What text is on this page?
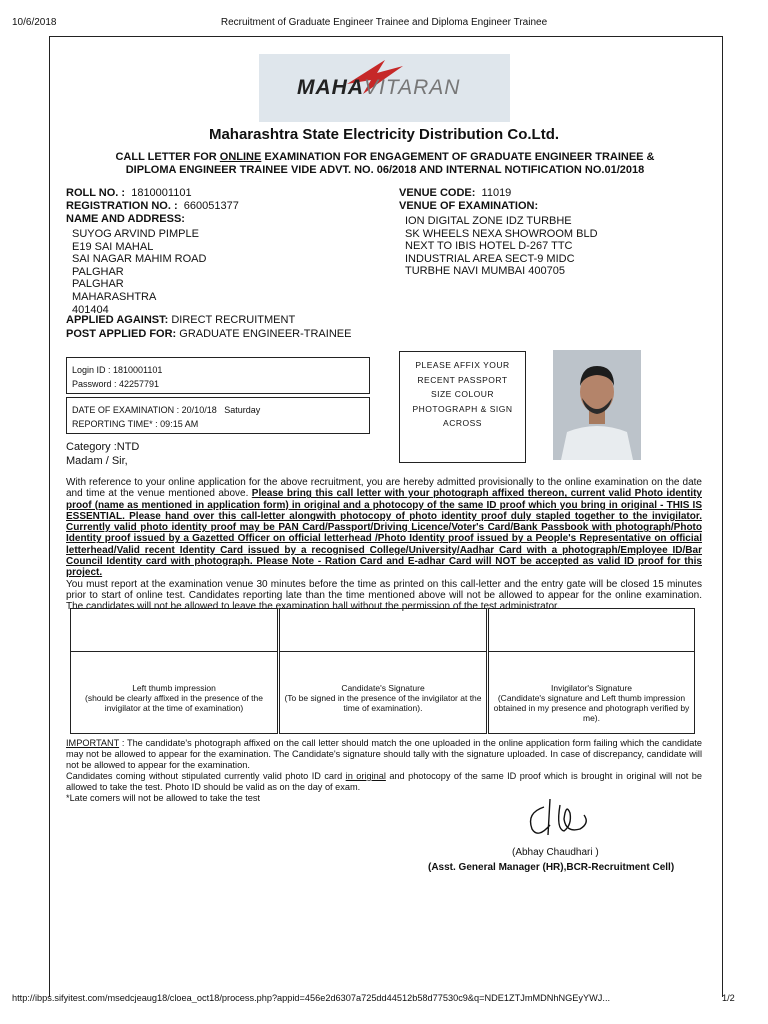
10/6/2018	Recruitment of Graduate Engineer Trainee and Diploma Engineer Trainee
MAHAVITARAN
Maharashtra State Electricity Distribution Co.Ltd.
CALL LETTER FOR ONLINE EXAMINATION FOR ENGAGEMENT OF GRADUATE ENGINEER TRAINEE &
DIPLOMA ENGINEER TRAINEE VIDE ADVT. NO. 06/2018 AND INTERNAL NOTIFICATION NO.01/2018
ROLL NO. : 1810001101
REGISTRATION NO. : 660051377
NAME AND ADDRESS:
SUYOG ARVIND PIMPLE
E19 SAI MAHAL
SAI NAGAR MAHIM ROAD
PALGHAR
PALGHAR
MAHARASHTRA
401404
APPLIED AGAINST: DIRECT RECRUITMENT
POST APPLIED FOR: GRADUATE ENGINEER-TRAINEE
VENUE CODE: 11019
VENUE OF EXAMINATION:
ION DIGITAL ZONE IDZ TURBHE
SK WHEELS NEXA SHOWROOM BLD
NEXT TO IBIS HOTEL D-267 TTC
INDUSTRIAL AREA SECT-9 MIDC
TURBHE NAVI MUMBAI 400705
Login ID : 1810001101
Password : 42257791
DATE OF EXAMINATION : 20/10/18   Saturday
REPORTING TIME* : 09:15 AM
PLEASE AFFIX YOUR
RECENT PASSPORT
SIZE COLOUR
PHOTOGRAPH & SIGN
ACROSS
Category :NTD
Madam / Sir,
With reference to your online application for the above recruitment, you are hereby admitted provisionally to the online examination on the date and time at the venue mentioned above. Please bring this call letter with your photograph affixed thereon, current valid Photo identity proof (name as mentioned in application form) in original and a photocopy of the same ID proof which you bring in original - THIS IS ESSENTIAL. Please hand over this call-letter alongwith photocopy of photo identity proof duly stapled together to the invigilator. Currently valid photo identity proof may be PAN Card/Passport/Driving Licence/Voter's Card/Bank Passbook with photograph/Photo Identity proof issued by a Gazetted Officer on official letterhead /Photo Identity proof issued by a People's Representative on official letterhead/Valid recent Identity Card issued by a recognised College/University/Aadhar Card with a photograph/Employee ID/Bar Council Identity card with photograph. Please Note - Ration Card and E-adhar Card will NOT be accepted as valid ID proof for this project.
You must report at the examination venue 30 minutes before the time as printed on this call-letter and the entry gate will be closed 15 minutes prior to start of online test. Candidates reporting late than the time mentioned above will not be allowed to appear for the online examination. The candidates will not be allowed to leave the examination hall without the permission of the test administrator.
Left thumb impression
(should be clearly affixed in the presence of the invigilator at the time of examination)
Candidate's Signature
(To be signed in the presence of the invigilator at the time of examination).
Invigilator's Signature
(Candidate's signature and Left thumb impression obtained in my presence and photograph verified by me).
IMPORTANT : The candidate's photograph affixed on the call letter should match the one uploaded in the online application form failing which the candidate may not be allowed to appear for the examination. The Candidate's signature should tally with the signature uploaded. In case of discrepancy, candidate will not be allowed to appear for the examination.
Candidates coming without stipulated currently valid photo ID card in original and photocopy of the same ID proof which is brought in original will not be allowed to take the test. Photo ID should be valid as on the day of exam.
*Late comers will not be allowed to take the test
(Abhay Chaudhari )
(Asst. General Manager (HR),BCR-Recruitment Cell)
http://ibps.sifyitest.com/msedcjeaug18/cloea_oct18/process.php?appid=456e2d6307a725dd44512b58d77530c9&q=NDE1ZTJmMDNhNGEyYWJ...	1/2
